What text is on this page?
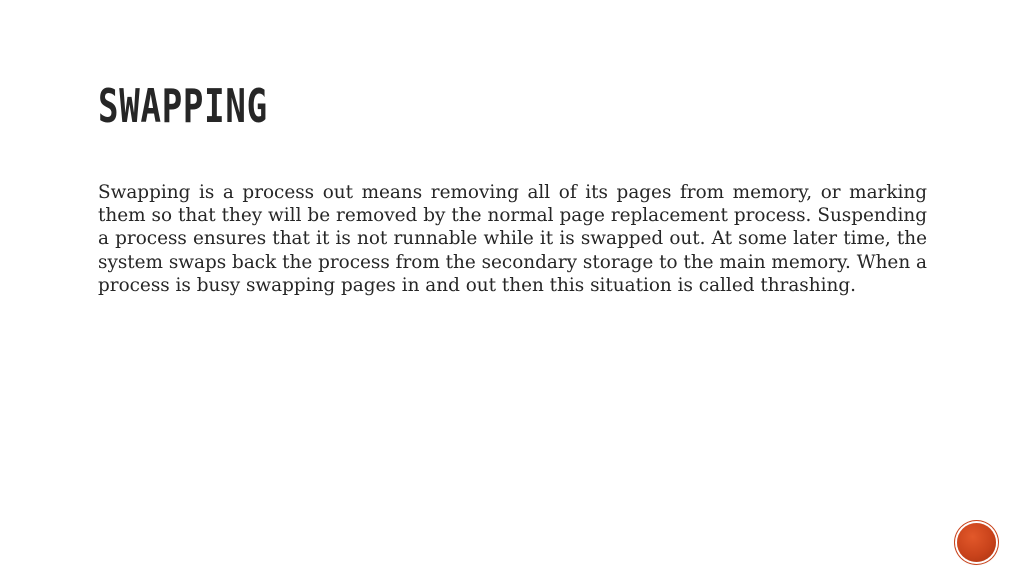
SWAPPING

Swapping is a process out means removing all of its pages from memory, or marking them so that they will be removed by the normal page replacement process. Suspending a process ensures that it is not runnable while it is swapped out. At some later time, the system swaps back the process from the secondary storage to the main memory. When a process is busy swapping pages in and out then this situation is called thrashing.
